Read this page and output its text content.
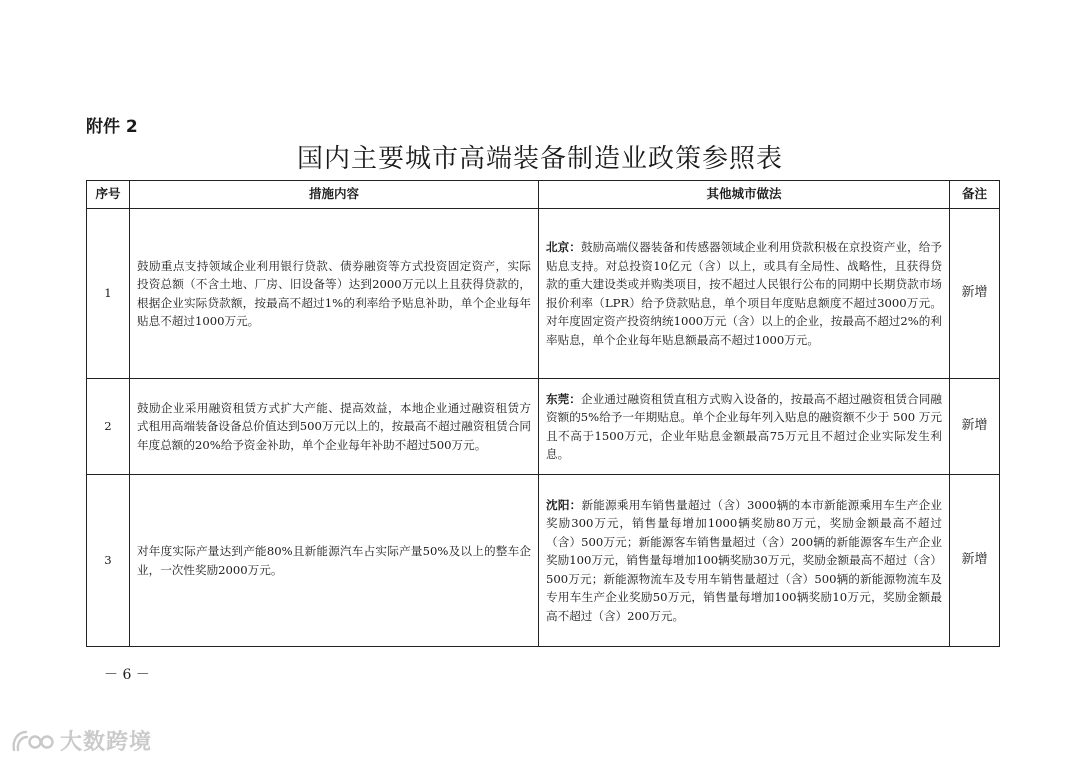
附件 2
国内主要城市高端装备制造业政策参照表
序号	措施内容	其他城市做法	备注
1	鼓励重点支持领域企业利用银行贷款、债券融资等方式投资固定资产，实际投资总额（不含土地、厂房、旧设备等）达到2000万元以上且获得贷款的，根据企业实际贷款额，按最高不超过1%的利率给予贴息补助，单个企业每年贴息不超过1000万元。	北京：鼓励高端仪器装备和传感器领域企业利用贷款积极在京投资产业，给予贴息支持。对总投资10亿元（含）以上，或具有全局性、战略性，且获得贷款的重大建设类或并购类项目，按不超过人民银行公布的同期中长期贷款市场报价利率（LPR）给予贷款贴息，单个项目年度贴息额度不超过3000万元。对年度固定资产投资纳统1000万元（含）以上的企业，按最高不超过2%的利率贴息，单个企业每年贴息额最高不超过1000万元。	新增
2	鼓励企业采用融资租赁方式扩大产能、提高效益，本地企业通过融资租赁方式租用高端装备设备总价值达到500万元以上的，按最高不超过融资租赁合同年度总额的20%给予资金补助，单个企业每年补助不超过500万元。	东莞：企业通过融资租赁直租方式购入设备的，按最高不超过融资租赁合同融资额的5%给予一年期贴息。单个企业每年列入贴息的融资额不少于 500 万元且不高于1500万元，企业年贴息金额最高75万元且不超过企业实际发生利息。	新增
3	对年度实际产量达到产能80%且新能源汽车占实际产量50%及以上的整车企业，一次性奖励2000万元。	沈阳：新能源乘用车销售量超过（含）3000辆的本市新能源乘用车生产企业奖励300万元，销售量每增加1000辆奖励80万元，奖励金额最高不超过（含）500万元；新能源客车销售量超过（含）200辆的新能源客车生产企业奖励100万元，销售量每增加100辆奖励30万元，奖励金额最高不超过（含）500万元；新能源物流车及专用车销售量超过（含）500辆的新能源物流车及专用车生产企业奖励50万元，销售量每增加100辆奖励10万元，奖励金额最高不超过（含）200万元。	新增
－ 6 －
大数跨境
